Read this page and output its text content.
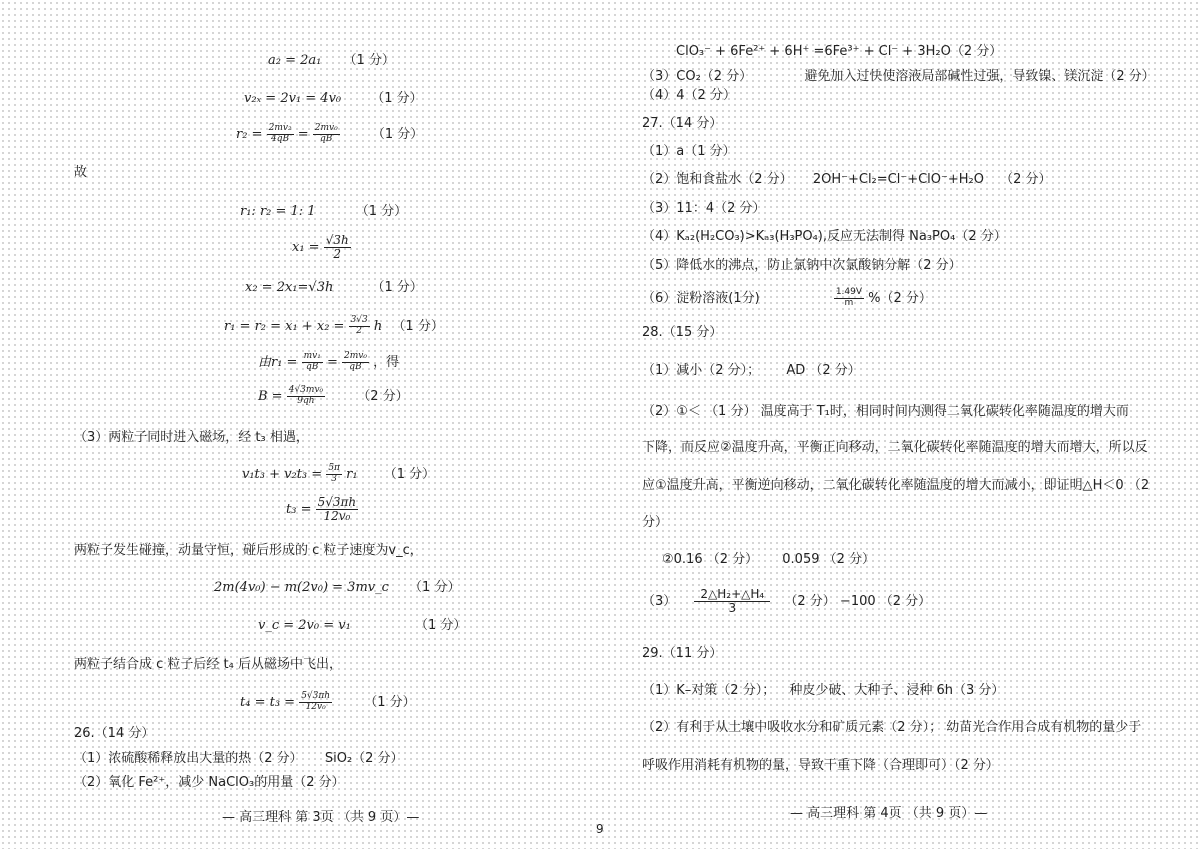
a₂ = 2a₁ （1 分）
v₂ₓ = 2v₁ = 4v₀ （1 分）
$r_2 = \frac{\text{2mv₂}}{4qB} = \frac{\text{2mv₀}}{qB} (1$ 分）
故
r₁: r₂ = 1: 1	（1 分）
$x_1 = \frac{√3h}{2}$
x₂ = 2x₁=√3h	（1 分）
$r_1 = r_2 = x_1 + x_2 = \frac{3√3}{2}$ h （1 分）
由$r_1 = \frac{\text{mv₁}}{qB} = \frac{\text{2mv₀}}{qB}$ ，得
$B = \frac{\text{4√3mv₀}}{9qh} (2$ 分）
（3）两粒子同时进入磁场，经 t₃ 相遇，
$v_1t_3 + v_2t_3 = \frac{5\pi}{3} r_1$ （1 分）
$t_3 = \frac{5√3\pi h}{\text{12v₀}}$
两粒子发生碰撞，动量守恒，碰后形成的 c 粒子速度为v_c，
2m(4v₀) − m(2v₀) = 3mv_c （1 分）
v_c = 2v₀ = v₁	（1 分）
两粒子结合成 c 粒子后经 t₄ 后从磁场中飞出，
$t_4 = t_3 = \frac{5√3\pi h}{\text{12v₀}} (1$ 分）
26.（14 分）
（1）浓硫酸稀释放出大量的热（2 分） SiO₂（2 分）
（2）氧化 Fe²⁺，减少 NaClO₃的用量（2 分）
— 高三理科 第 3页 （共 9 页）—
ClO₃⁻ + 6Fe²⁺ + 6H⁺ =6Fe³⁺ + Cl⁻ + 3H₂O（2 分）
（3）CO₂（2 分）	避免加入过快使溶液局部碱性过强，导致镍、镁沉淀（2 分）
（4）4（2 分）
27.（14 分）
（1）a（1 分）
（2）饱和食盐水（2 分） 2OH⁻+Cl₂=Cl⁻+ClO⁻+H₂O （2 分）
（3）11：4（2 分）
（4）Kₐ₂(H₂CO₃)>Kₐ₃(H₃PO₄),反应无法制得 Na₃PO₄（2 分）
（5）降低水的沸点，防止氯钠中次氯酸钠分解（2 分）
（6）淀粉溶液(1分)	$\frac{1.49V}{m} \%(2$ 分）
28.（15 分）
（1）减小（2 分）； AD （2 分）
（2）①＜ （1 分） 温度高于 T₁时，相同时间内测得二氧化碳转化率随温度的增大而
下降，而反应②温度升高，平衡正向移动，二氧化碳转化率随温度的增大而增大，所以反
应①温度升高，平衡逆向移动，二氧化碳转化率随温度的增大而减小，即证明△H＜0 （2
分）
②0.16 （2 分） 0.059 （2 分）
$(3) \frac{\text{2△H₂+△H₄}}{3} (2$ 分） −100 （2 分）
29.（11 分）
（1）K–对策（2 分）； 种皮少破、大种子、浸种 6h（3 分）
（2）有利于从土壤中吸收水分和矿质元素（2 分）； 幼苗光合作用合成有机物的量少于
呼吸作用消耗有机物的量，导致干重下降（合理即可）（2 分）
— 高三理科 第 4页 （共 9 页）—
9
